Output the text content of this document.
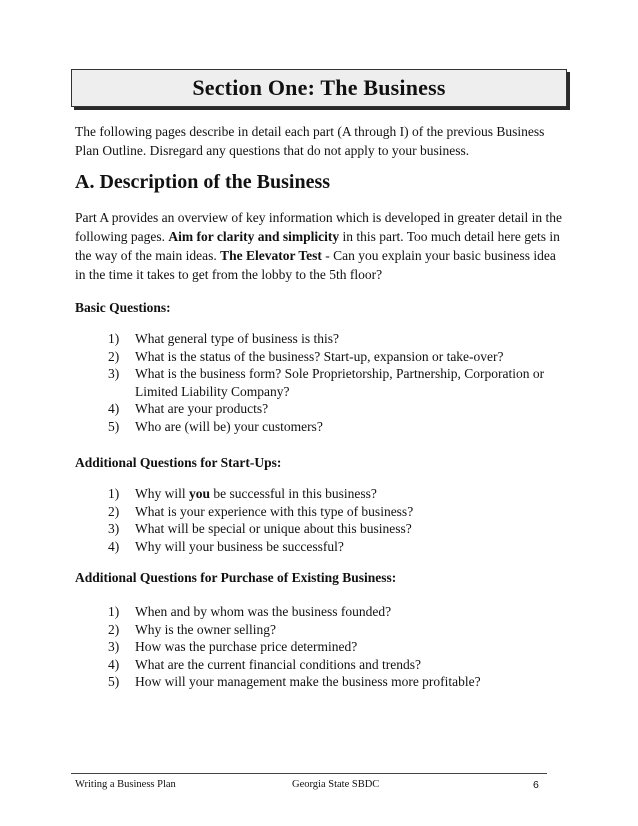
Section One: The Business

The following pages describe in detail each part (A through I) of the previous Business Plan Outline. Disregard any questions that do not apply to your business.

A. Description of the Business

Part A provides an overview of key information which is developed in greater detail in the following pages. Aim for clarity and simplicity in this part. Too much detail here gets in the way of the main ideas. The Elevator Test - Can you explain your basic business idea in the time it takes to get from the lobby to the 5th floor?

Basic Questions:

1)	What general type of business is this?
2)	What is the status of the business? Start-up, expansion or take-over?
3)	What is the business form? Sole Proprietorship, Partnership, Corporation or Limited Liability Company?
4)	What are your products?
5)	Who are (will be) your customers?

Additional Questions for Start-Ups:

1)	Why will you be successful in this business?
2)	What is your experience with this type of business?
3)	What will be special or unique about this business?
4)	Why will your business be successful?

Additional Questions for Purchase of Existing Business:

1)	When and by whom was the business founded?
2)	Why is the owner selling?
3)	How was the purchase price determined?
4)	What are the current financial conditions and trends?
5)	How will your management make the business more profitable?
Writing a Business Plan	Georgia State SBDC	6
